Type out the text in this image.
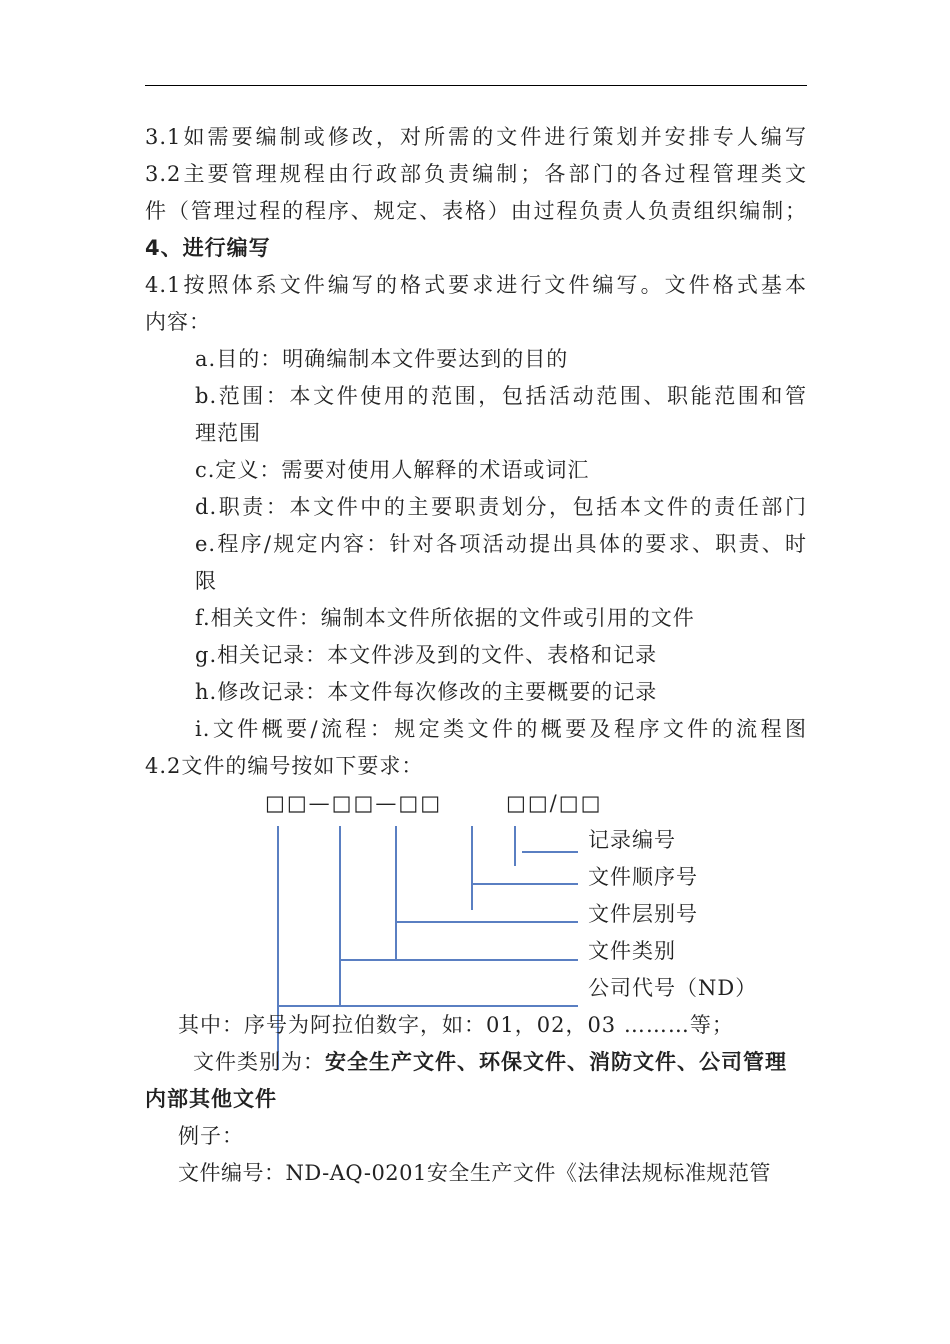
3.1如需要编制或修改，对所需的文件进行策划并安排专人编写
3.2主要管理规程由行政部负责编制；各部门的各过程管理类文
件（管理过程的程序、规定、表格）由过程负责人负责组织编制；
4、进行编写
4.1按照体系文件编写的格式要求进行文件编写。文件格式基本
内容：
a.目的：明确编制本文件要达到的目的
b.范围：本文件使用的范围，包括活动范围、职能范围和管
理范围
c.定义：需要对使用人解释的术语或词汇
d.职责：本文件中的主要职责划分，包括本文件的责任部门
e.程序/规定内容：针对各项活动提出具体的要求、职责、时
限
f.相关文件：编制本文件所依据的文件或引用的文件
g.相关记录：本文件涉及到的文件、表格和记录
h.修改记录：本文件每次修改的主要概要的记录
i.文件概要/流程：规定类文件的概要及程序文件的流程图
4.2文件的编号按如下要求：
□□—□□—□□	□□/□□
记录编号
文件顺序号
文件层别号
文件类别
公司代号（ND）
其中：序号为阿拉伯数字，如：01，02，03 ………等；
文件类别为：安全生产文件、环保文件、消防文件、公司管理
内部其他文件
例子：
文件编号：ND-AQ-0201安全生产文件《法律法规标准规范管
